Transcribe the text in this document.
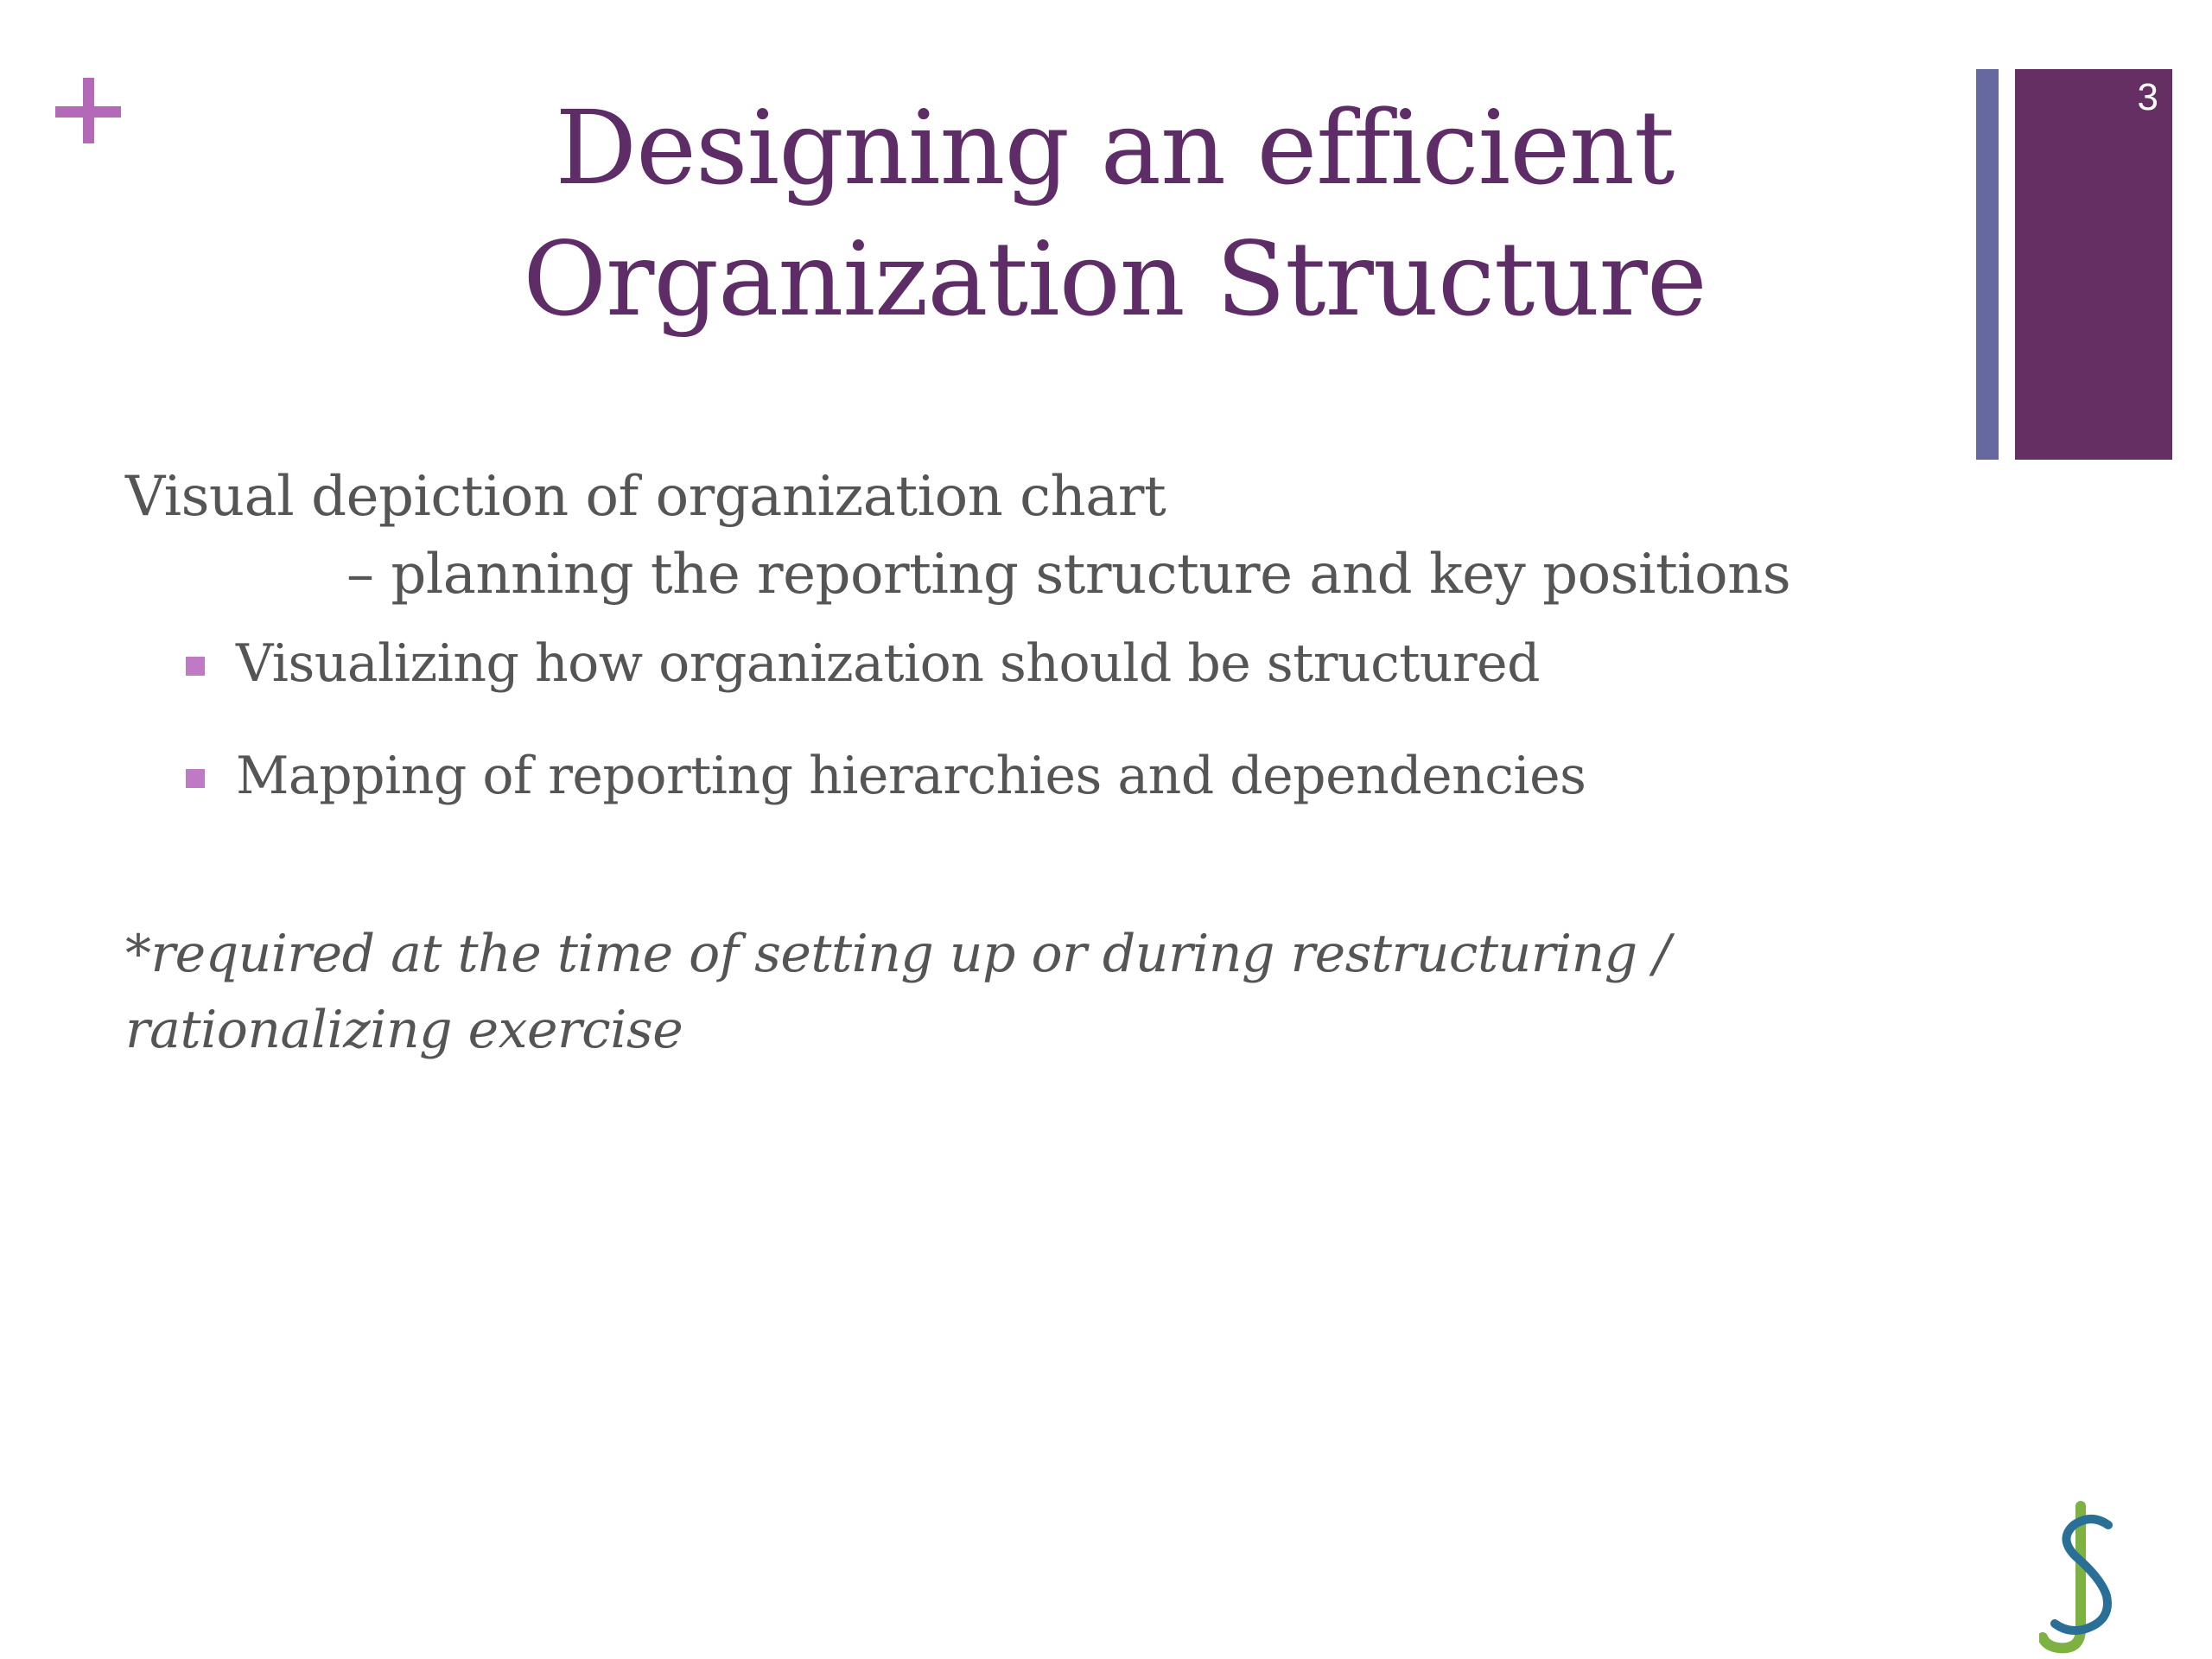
3
Designing an efficient
Organization Structure
Visual depiction of organization chart
– planning the reporting structure and key positions
Visualizing how organization should be structured
Mapping of reporting hierarchies and dependencies
*required at the time of setting up or during restructuring /
rationalizing exercise
